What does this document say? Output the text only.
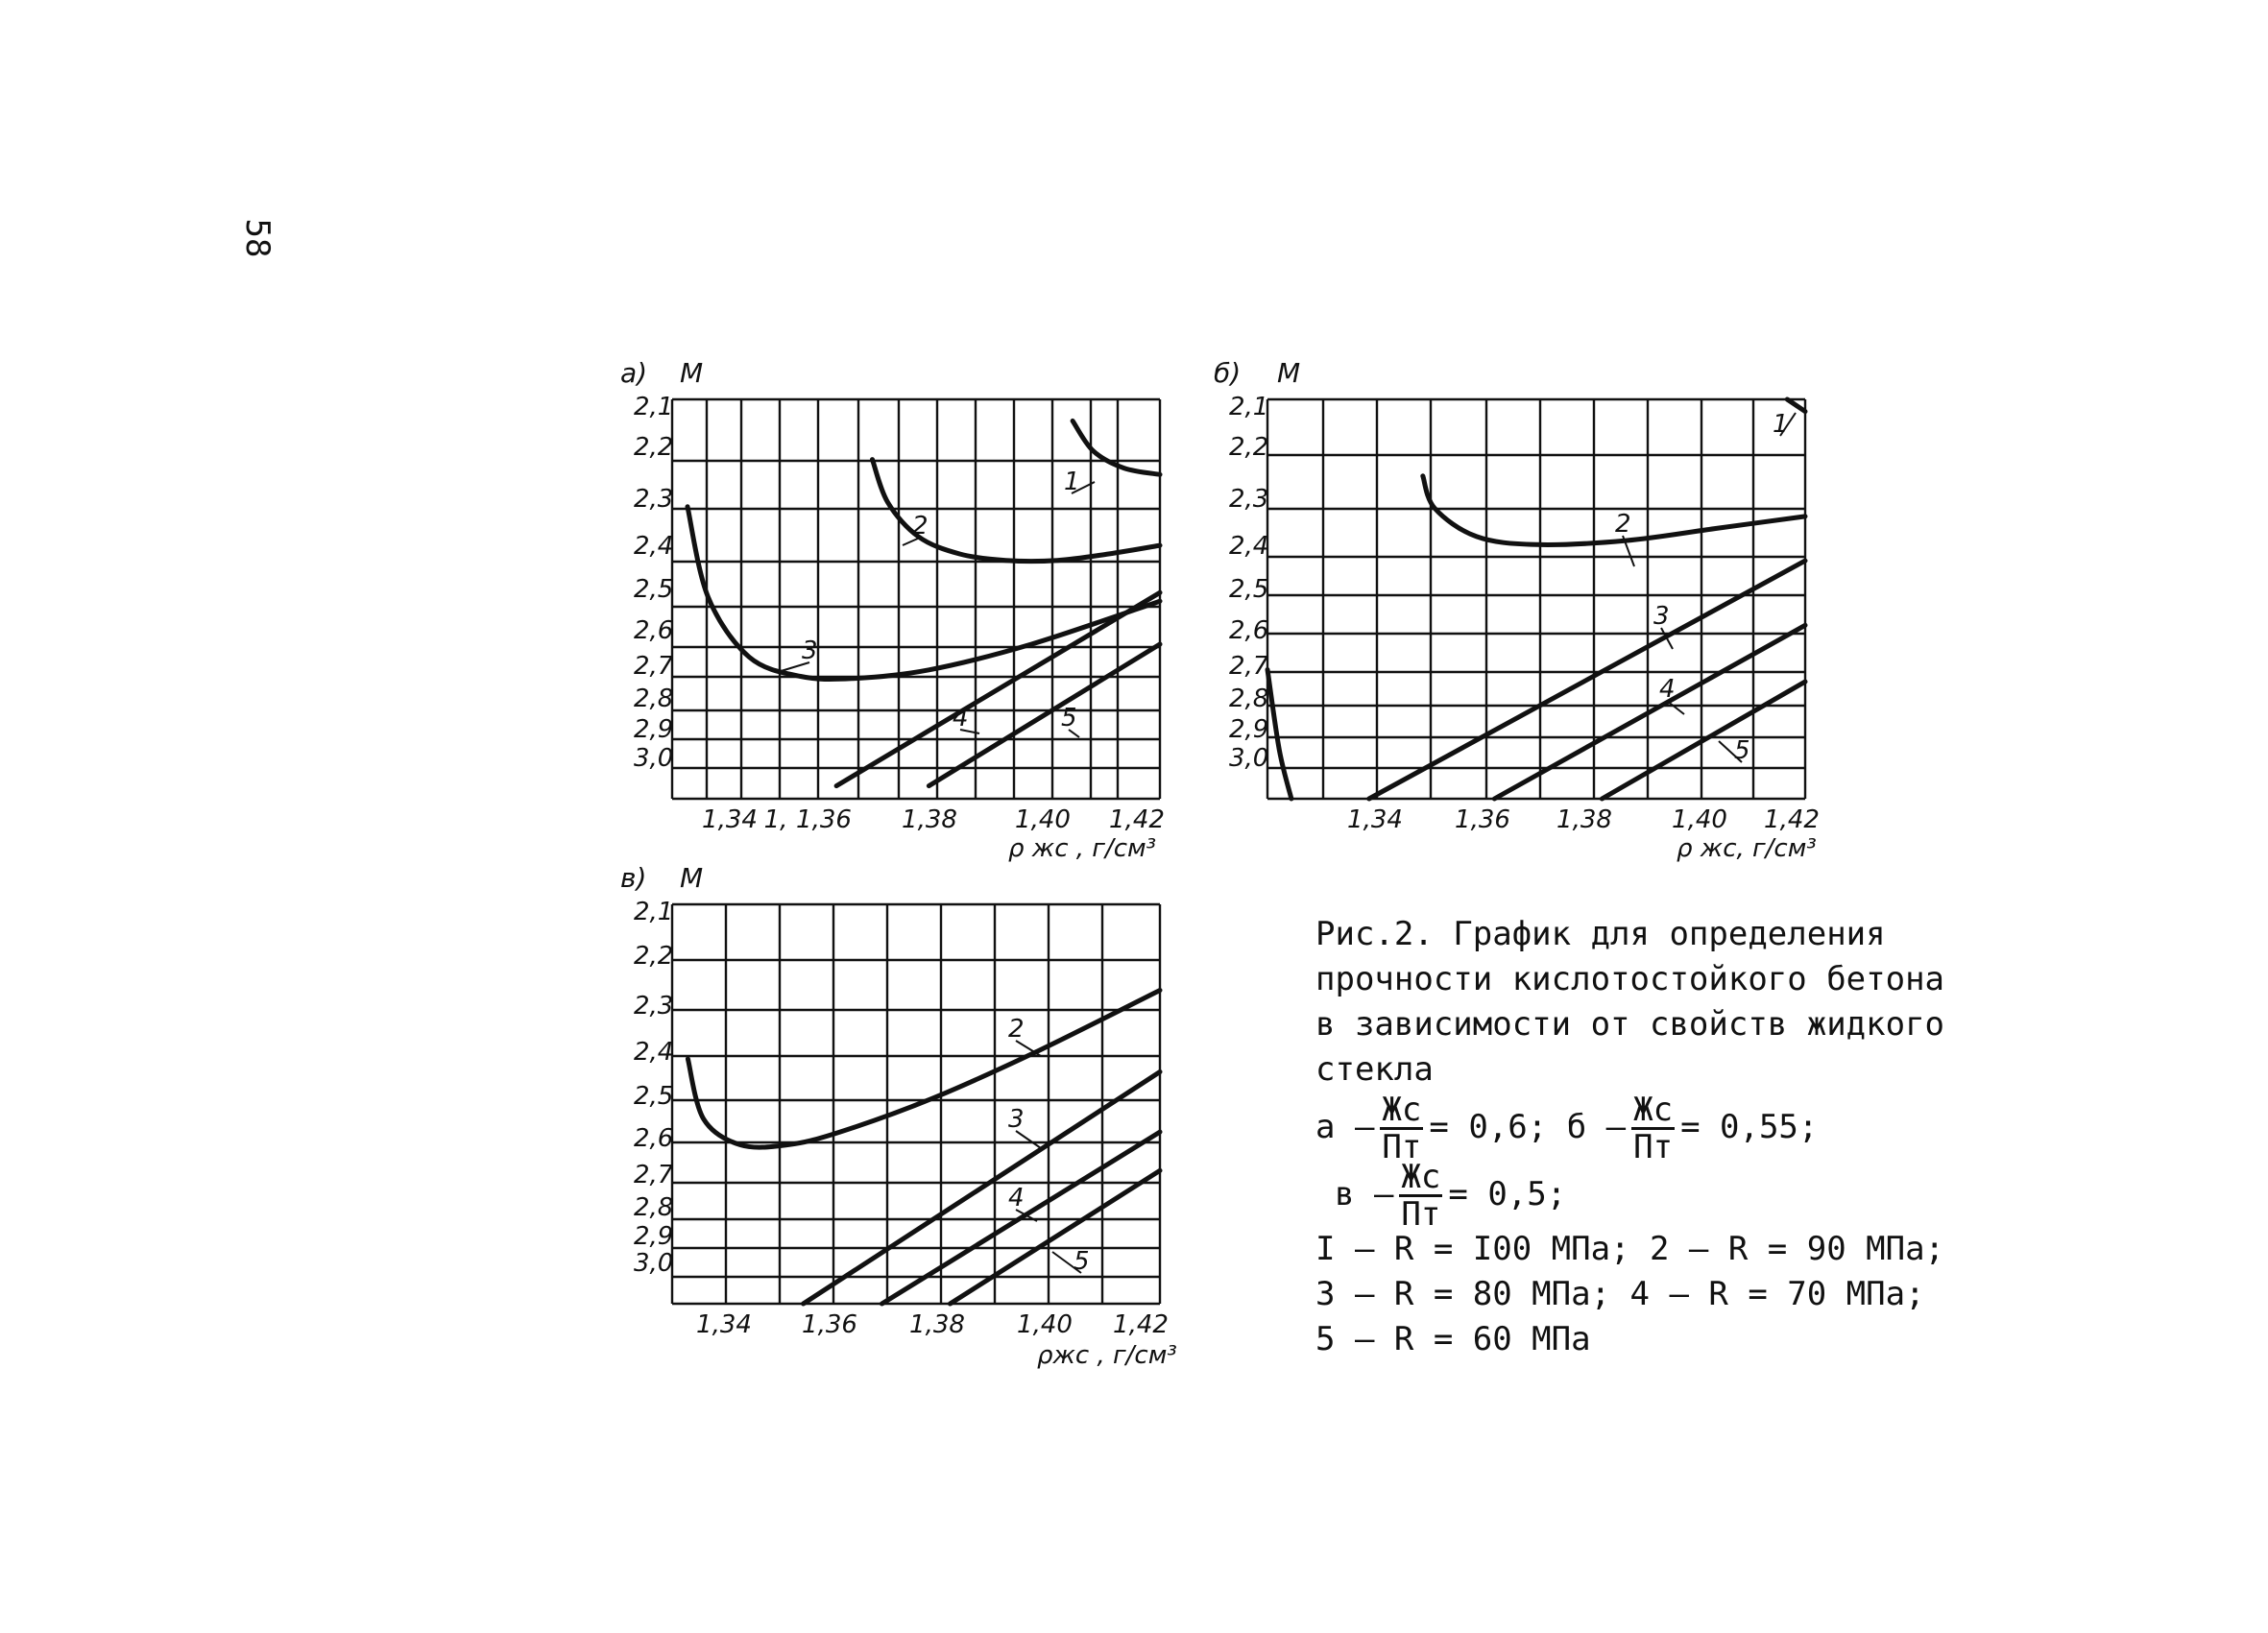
58
2,1
2,2
2,3
2,4
2,5
2,6
2,7
2,8
2,9
3,0
1,34 1,36 1,38 1,40 1,42
1,
а) M
ρ жс , г/см³
1
2
3
4	5
2,1
2,2
2,3
2,4
2,5
2,6
2,7
2,8
2,9
3,0
1,34 1,36 1,38 1,40 1,42
б) M
ρ жс, г/см³
1
2
3
4
5
2,1
2,2
2,3
2,4
2,5
2,6
2,7
2,8
2,9
3,0
1,34 1,36 1,38 1,40 1,42
в) M
ρжс , г/см³
2
3
4
5
Рис.2. График для определения
прочности кислотостойкого бетона
в зависимости от свойств жидкого
стекла
$а - \frac{Жс}{Пт} = 0,6$; $б - \frac{Жс}{Пт} = 0,55$;
$в - \frac{Жс}{Пт} = 0,5$;
I – R = I00 МПа; 2 – R = 90 МПа;
3 – R = 80 МПа; 4 – R = 70 МПа;
5 – R = 60 МПа
